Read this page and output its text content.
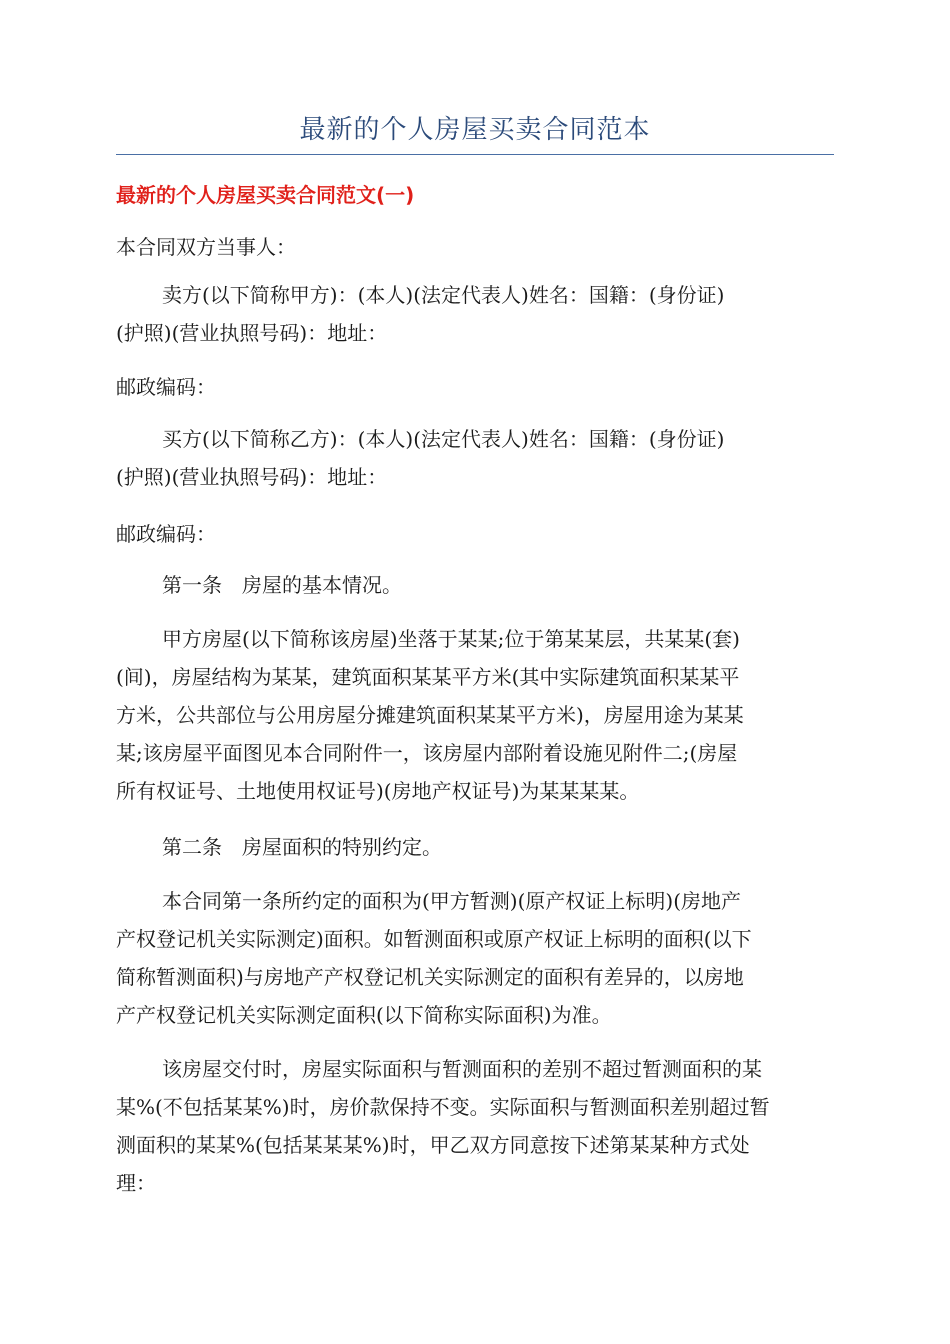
最新的个人房屋买卖合同范本
最新的个人房屋买卖合同范文(一)

本合同双方当事人：

卖方(以下简称甲方)：(本人)(法定代表人)姓名：国籍：(身份证)
(护照)(营业执照号码)：地址：

邮政编码：

买方(以下简称乙方)：(本人)(法定代表人)姓名：国籍：(身份证)
(护照)(营业执照号码)：地址：

邮政编码：

第一条　房屋的基本情况。

甲方房屋(以下简称该房屋)坐落于某某;位于第某某层，共某某(套)
(间)，房屋结构为某某，建筑面积某某平方米(其中实际建筑面积某某平
方米，公共部位与公用房屋分摊建筑面积某某平方米)，房屋用途为某某
某;该房屋平面图见本合同附件一，该房屋内部附着设施见附件二;(房屋
所有权证号、土地使用权证号)(房地产权证号)为某某某某。

第二条　房屋面积的特别约定。

本合同第一条所约定的面积为(甲方暂测)(原产权证上标明)(房地产
产权登记机关实际测定)面积。如暂测面积或原产权证上标明的面积(以下
简称暂测面积)与房地产产权登记机关实际测定的面积有差异的，以房地
产产权登记机关实际测定面积(以下简称实际面积)为准。

该房屋交付时，房屋实际面积与暂测面积的差别不超过暂测面积的某
某%(不包括某某%)时，房价款保持不变。实际面积与暂测面积差别超过暂
测面积的某某%(包括某某某%)时，甲乙双方同意按下述第某某种方式处
理：
